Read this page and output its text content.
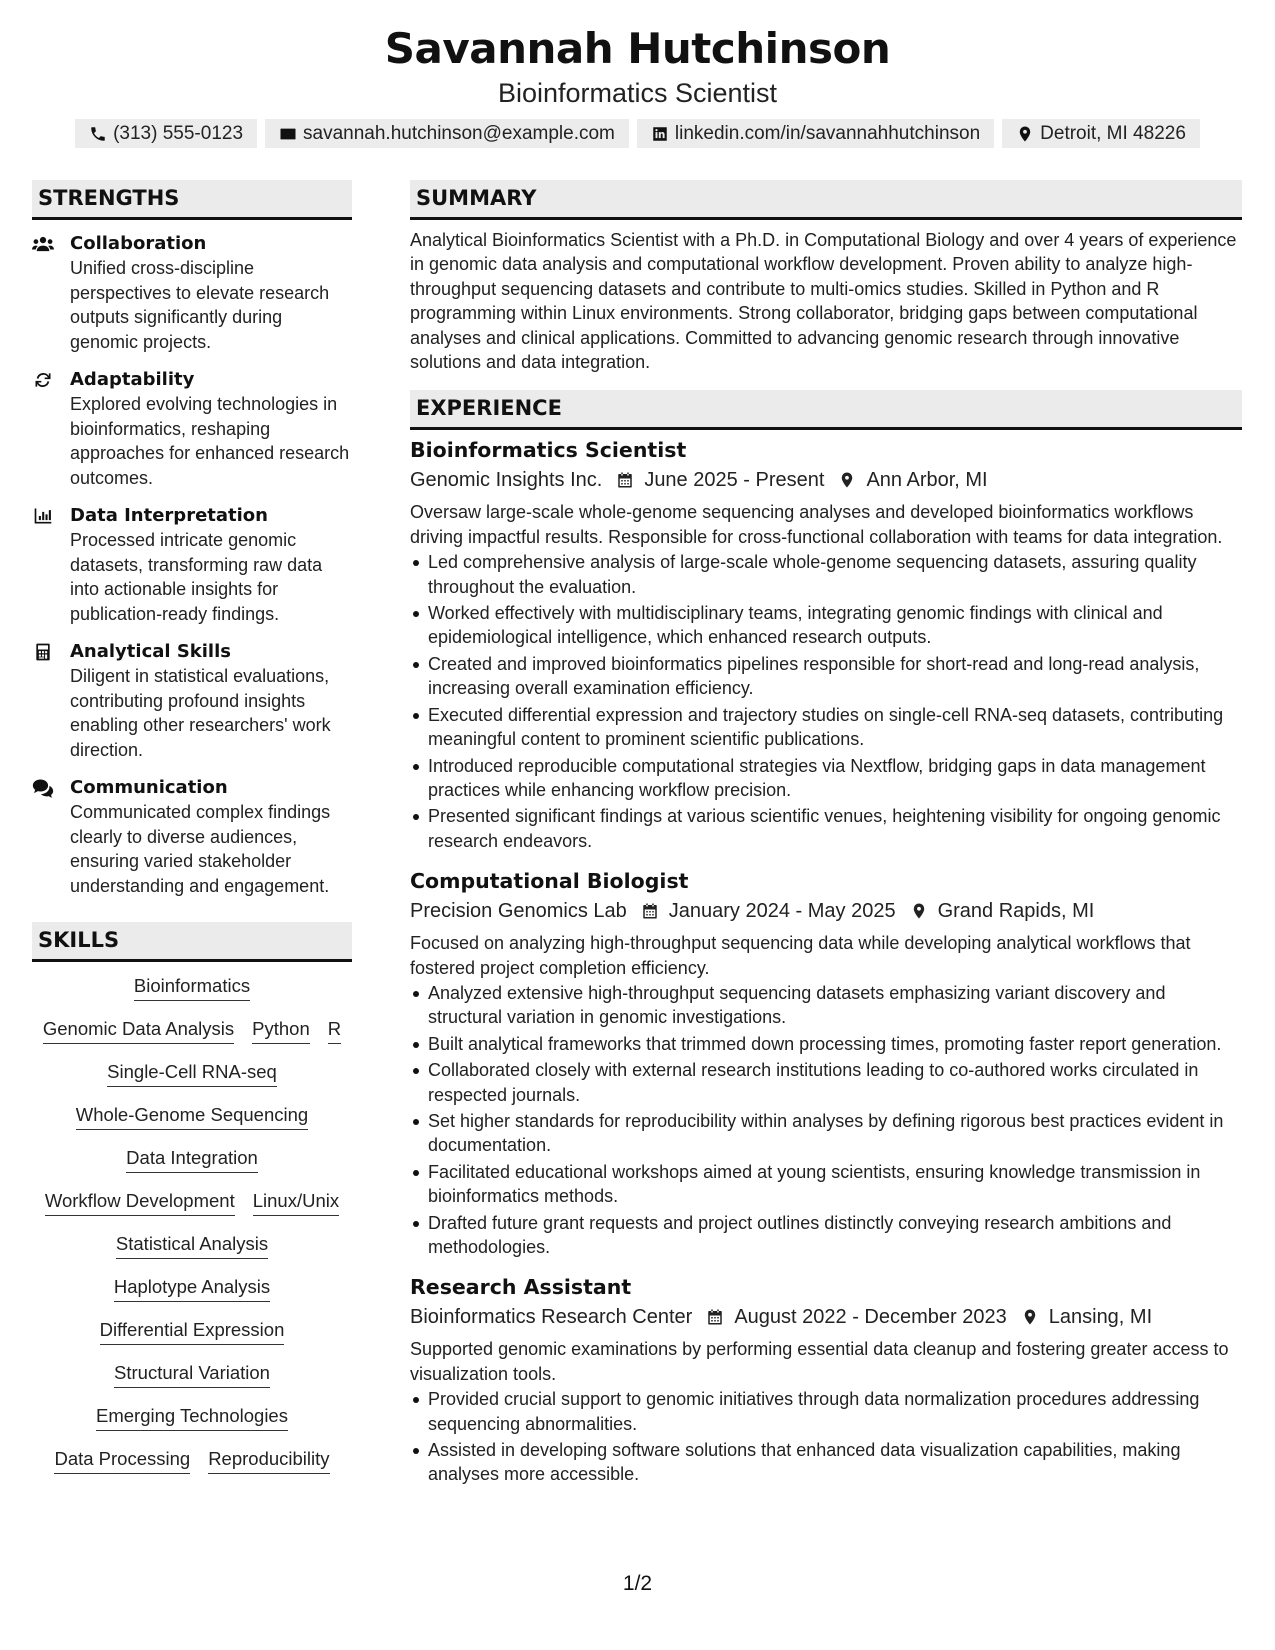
Savannah Hutchinson
Bioinformatics Scientist
(313) 555-0123	savannah.hutchinson@example.com	linkedin.com/in/savannahhutchinson	Detroit, MI 48226
STRENGTHS
Collaboration
Unified cross-discipline perspectives to elevate research outputs significantly during genomic projects.
Adaptability
Explored evolving technologies in bioinformatics, reshaping approaches for enhanced research outcomes.
Data Interpretation
Processed intricate genomic datasets, transforming raw data into actionable insights for publication-ready findings.
Analytical Skills
Diligent in statistical evaluations, contributing profound insights enabling other researchers' work direction.
Communication
Communicated complex findings clearly to diverse audiences, ensuring varied stakeholder understanding and engagement.
SKILLS
Bioinformatics
Genomic Data Analysis Python R
Single-Cell RNA-seq
Whole-Genome Sequencing
Data Integration
Workflow Development Linux/Unix
Statistical Analysis
Haplotype Analysis
Differential Expression
Structural Variation
Emerging Technologies
Data Processing Reproducibility
SUMMARY
Analytical Bioinformatics Scientist with a Ph.D. in Computational Biology and over 4 years of experience in genomic data analysis and computational workflow development. Proven ability to analyze high-throughput sequencing datasets and contribute to multi-omics studies. Skilled in Python and R programming within Linux environments. Strong collaborator, bridging gaps between computational analyses and clinical applications. Committed to advancing genomic research through innovative solutions and data integration.
EXPERIENCE
Bioinformatics Scientist
Genomic Insights Inc. June 2025 - Present Ann Arbor, MI
Oversaw large-scale whole-genome sequencing analyses and developed bioinformatics workflows driving impactful results. Responsible for cross-functional collaboration with teams for data integration.
Led comprehensive analysis of large-scale whole-genome sequencing datasets, assuring quality throughout the evaluation.
Worked effectively with multidisciplinary teams, integrating genomic findings with clinical and epidemiological intelligence, which enhanced research outputs.
Created and improved bioinformatics pipelines responsible for short-read and long-read analysis, increasing overall examination efficiency.
Executed differential expression and trajectory studies on single-cell RNA-seq datasets, contributing meaningful content to prominent scientific publications.
Introduced reproducible computational strategies via Nextflow, bridging gaps in data management practices while enhancing workflow precision.
Presented significant findings at various scientific venues, heightening visibility for ongoing genomic research endeavors.
Computational Biologist
Precision Genomics Lab January 2024 - May 2025 Grand Rapids, MI
Focused on analyzing high-throughput sequencing data while developing analytical workflows that fostered project completion efficiency.
Analyzed extensive high-throughput sequencing datasets emphasizing variant discovery and structural variation in genomic investigations.
Built analytical frameworks that trimmed down processing times, promoting faster report generation.
Collaborated closely with external research institutions leading to co-authored works circulated in respected journals.
Set higher standards for reproducibility within analyses by defining rigorous best practices evident in documentation.
Facilitated educational workshops aimed at young scientists, ensuring knowledge transmission in bioinformatics methods.
Drafted future grant requests and project outlines distinctly conveying research ambitions and methodologies.
Research Assistant
Bioinformatics Research Center August 2022 - December 2023 Lansing, MI
Supported genomic examinations by performing essential data cleanup and fostering greater access to visualization tools.
Provided crucial support to genomic initiatives through data normalization procedures addressing sequencing abnormalities.
Assisted in developing software solutions that enhanced data visualization capabilities, making analyses more accessible.
1/2
